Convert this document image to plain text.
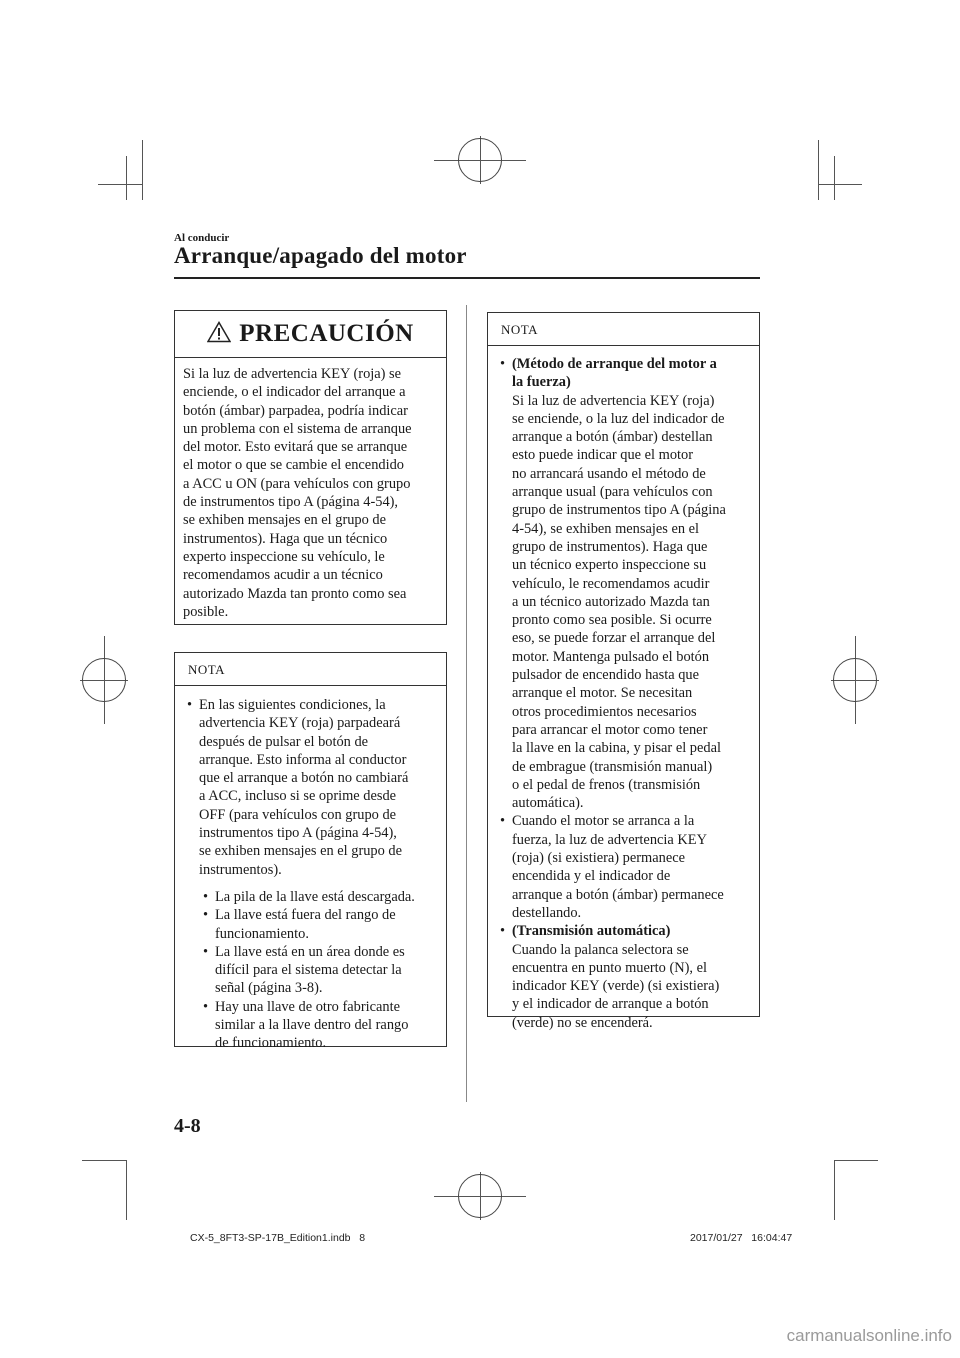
Al conducir
Arranque/apagado del motor
PRECAUCIÓN
Si la luz de advertencia KEY (roja) se
enciende, o el indicador del arranque a
botón (ámbar) parpadea, podría indicar
un problema con el sistema de arranque
del motor. Esto evitará que se arranque
el motor o que se cambie el encendido
a ACC u ON (para vehículos con grupo
de instrumentos tipo A (página 4-54),
se exhiben mensajes en el grupo de
instrumentos). Haga que un técnico
experto inspeccione su vehículo, le
recomendamos acudir a un técnico
autorizado Mazda tan pronto como sea
posible.
NOTA
• En las siguientes condiciones, la
advertencia KEY (roja) parpadeará
después de pulsar el botón de
arranque. Esto informa al conductor
que el arranque a botón no cambiará
a ACC, incluso si se oprime desde
OFF (para vehículos con grupo de
instrumentos tipo A (página 4-54),
se exhiben mensajes en el grupo de
instrumentos).
• La pila de la llave está descargada.
• La llave está fuera del rango de
funcionamiento.
• La llave está en un área donde es
difícil para el sistema detectar la
señal (página 3-8).
• Hay una llave de otro fabricante
similar a la llave dentro del rango
de funcionamiento.
NOTA
• (Método de arranque del motor a
la fuerza)
Si la luz de advertencia KEY (roja)
se enciende, o la luz del indicador de
arranque a botón (ámbar) destellan
esto puede indicar que el motor
no arrancará usando el método de
arranque usual (para vehículos con
grupo de instrumentos tipo A (página
4-54), se exhiben mensajes en el
grupo de instrumentos). Haga que
un técnico experto inspeccione su
vehículo, le recomendamos acudir
a un técnico autorizado Mazda tan
pronto como sea posible. Si ocurre
eso, se puede forzar el arranque del
motor. Mantenga pulsado el botón
pulsador de encendido hasta que
arranque el motor. Se necesitan
otros procedimientos necesarios
para arrancar el motor como tener
la llave en la cabina, y pisar el pedal
de embrague (transmisión manual)
o el pedal de frenos (transmisión
automática).
• Cuando el motor se arranca a la
fuerza, la luz de advertencia KEY
(roja) (si existiera) permanece
encendida y el indicador de
arranque a botón (ámbar) permanece
destellando.
• (Transmisión automática)
Cuando la palanca selectora se
encuentra en punto muerto (N), el
indicador KEY (verde) (si existiera)
y el indicador de arranque a botón
(verde) no se encenderá.
4-8
CX-5_8FT3-SP-17B_Edition1.indb   8	2017/01/27   16:04:47
carmanualsonline.info
